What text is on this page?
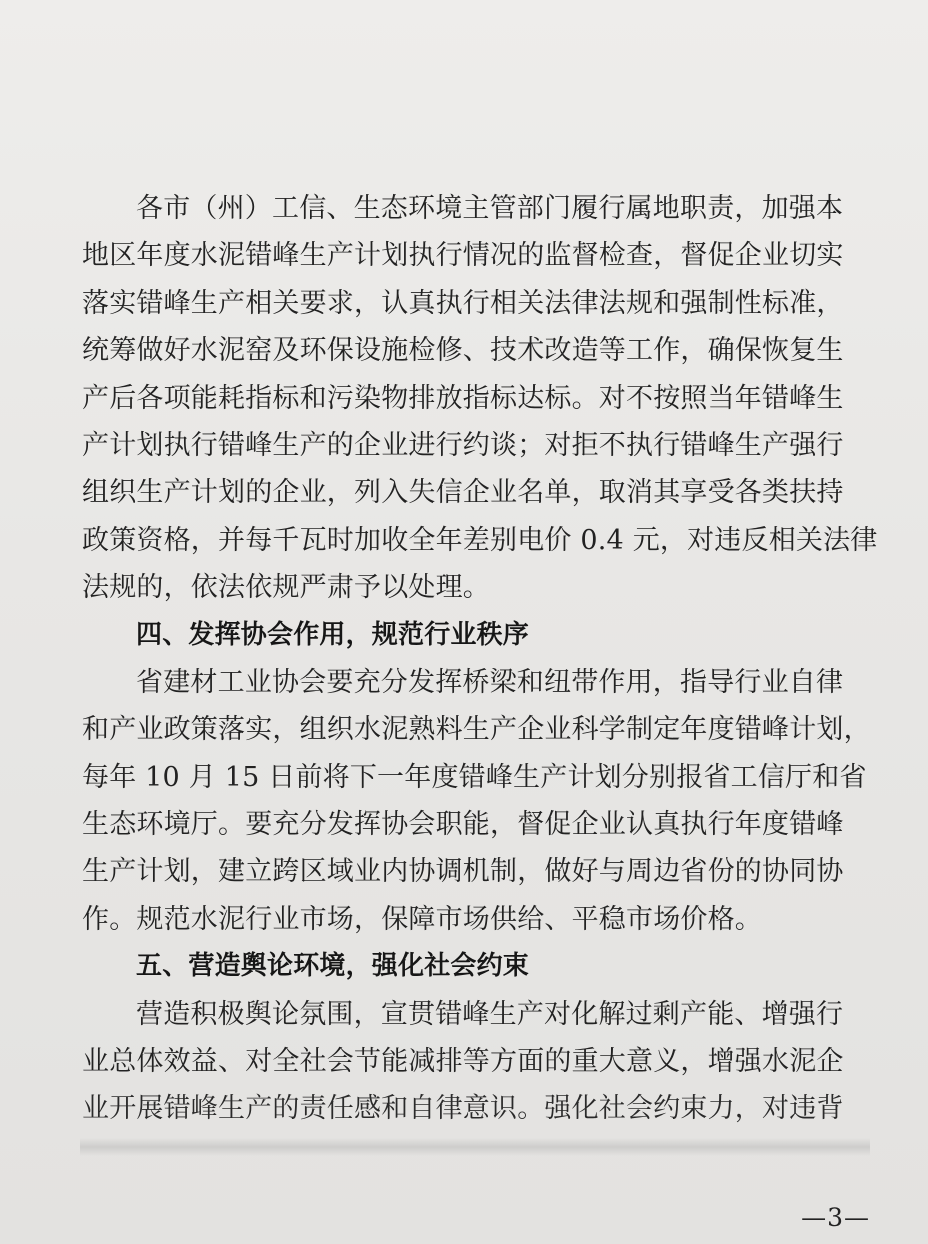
各市（州）工信、生态环境主管部门履行属地职责，加强本
地区年度水泥错峰生产计划执行情况的监督检查，督促企业切实
落实错峰生产相关要求，认真执行相关法律法规和强制性标准，
统筹做好水泥窑及环保设施检修、技术改造等工作，确保恢复生
产后各项能耗指标和污染物排放指标达标。对不按照当年错峰生
产计划执行错峰生产的企业进行约谈；对拒不执行错峰生产强行
组织生产计划的企业，列入失信企业名单，取消其享受各类扶持
政策资格，并每千瓦时加收全年差别电价 0.4 元，对违反相关法律
法规的，依法依规严肃予以处理。
四、发挥协会作用，规范行业秩序
省建材工业协会要充分发挥桥梁和纽带作用，指导行业自律
和产业政策落实，组织水泥熟料生产企业科学制定年度错峰计划，
每年 10 月 15 日前将下一年度错峰生产计划分别报省工信厅和省
生态环境厅。要充分发挥协会职能，督促企业认真执行年度错峰
生产计划，建立跨区域业内协调机制，做好与周边省份的协同协
作。规范水泥行业市场，保障市场供给、平稳市场价格。
五、营造舆论环境，强化社会约束
营造积极舆论氛围，宣贯错峰生产对化解过剩产能、增强行
业总体效益、对全社会节能减排等方面的重大意义，增强水泥企
业开展错峰生产的责任感和自律意识。强化社会约束力，对违背
—3—
